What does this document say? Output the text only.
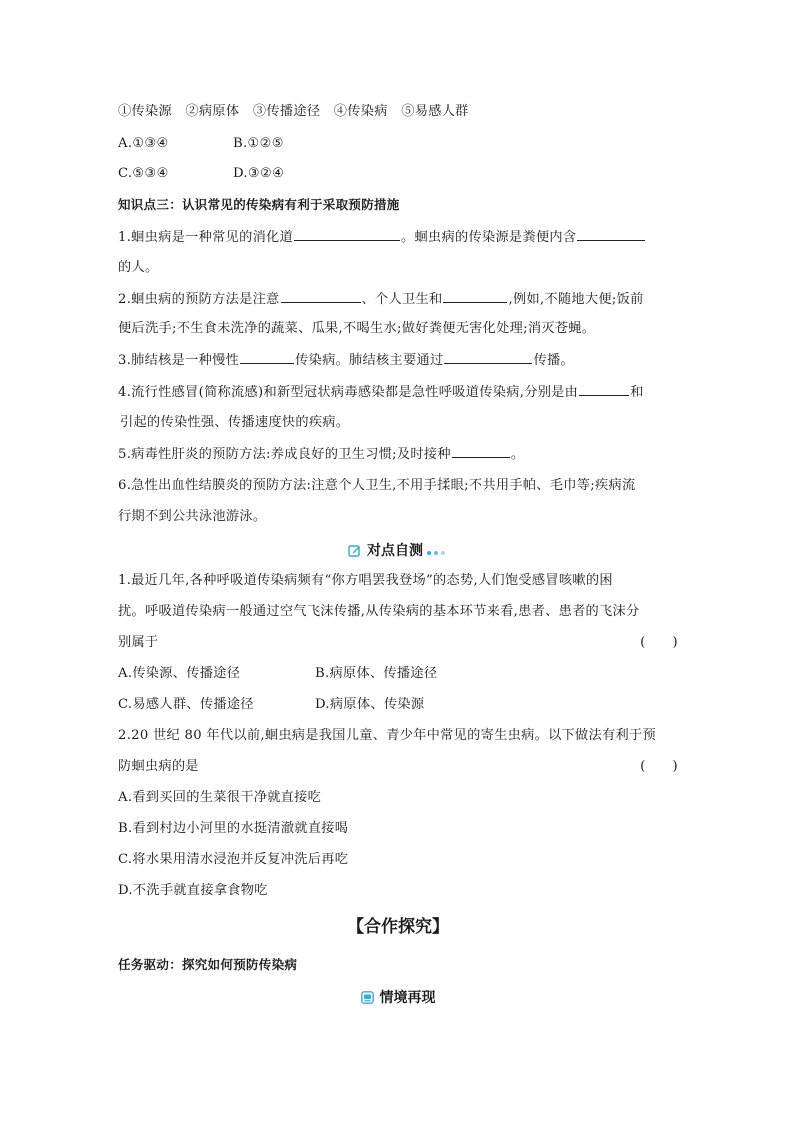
①传染源　②病原体　③传播途径　④传染病　⑤易感人群
A.①③④	B.①②⑤
C.⑤③④	D.③②④
知识点三：认识常见的传染病有利于采取预防措施
1.蛔虫病是一种常见的消化道	。蛔虫病的传染源是粪便内含
的人。
2.蛔虫病的预防方法是注意	、个人卫生和	,例如,不随地大便;饭前
便后洗手;不生食未洗净的蔬菜、瓜果,不喝生水;做好粪便无害化处理;消灭苍蝇。
3.肺结核是一种慢性	传染病。肺结核主要通过	传播。
4.流行性感冒(简称流感)和新型冠状病毒感染都是急性呼吸道传染病,分别是由	和
引起的传染性强、传播速度快的疾病。
5.病毒性肝炎的预防方法:养成良好的卫生习惯;及时接种	。
6.急性出血性结膜炎的预防方法:注意个人卫生,不用手揉眼;不共用手帕、毛巾等;疾病流
行期不到公共泳池游泳。
对点自测
1.最近几年,各种呼吸道传染病频有“你方唱罢我登场”的态势,人们饱受感冒咳嗽的困
扰。呼吸道传染病一般通过空气飞沫传播,从传染病的基本环节来看,患者、患者的飞沫分
别属于	(　　)
A.传染源、传播途径	B.病原体、传播途径
C.易感人群、传播途径	D.病原体、传染源
2.20 世纪 80 年代以前,蛔虫病是我国儿童、青少年中常见的寄生虫病。以下做法有利于预
防蛔虫病的是	(　　)
A.看到买回的生菜很干净就直接吃
B.看到村边小河里的水挺清澈就直接喝
C.将水果用清水浸泡并反复冲洗后再吃
D.不洗手就直接拿食物吃
【合作探究】
任务驱动：探究如何预防传染病
情境再现
